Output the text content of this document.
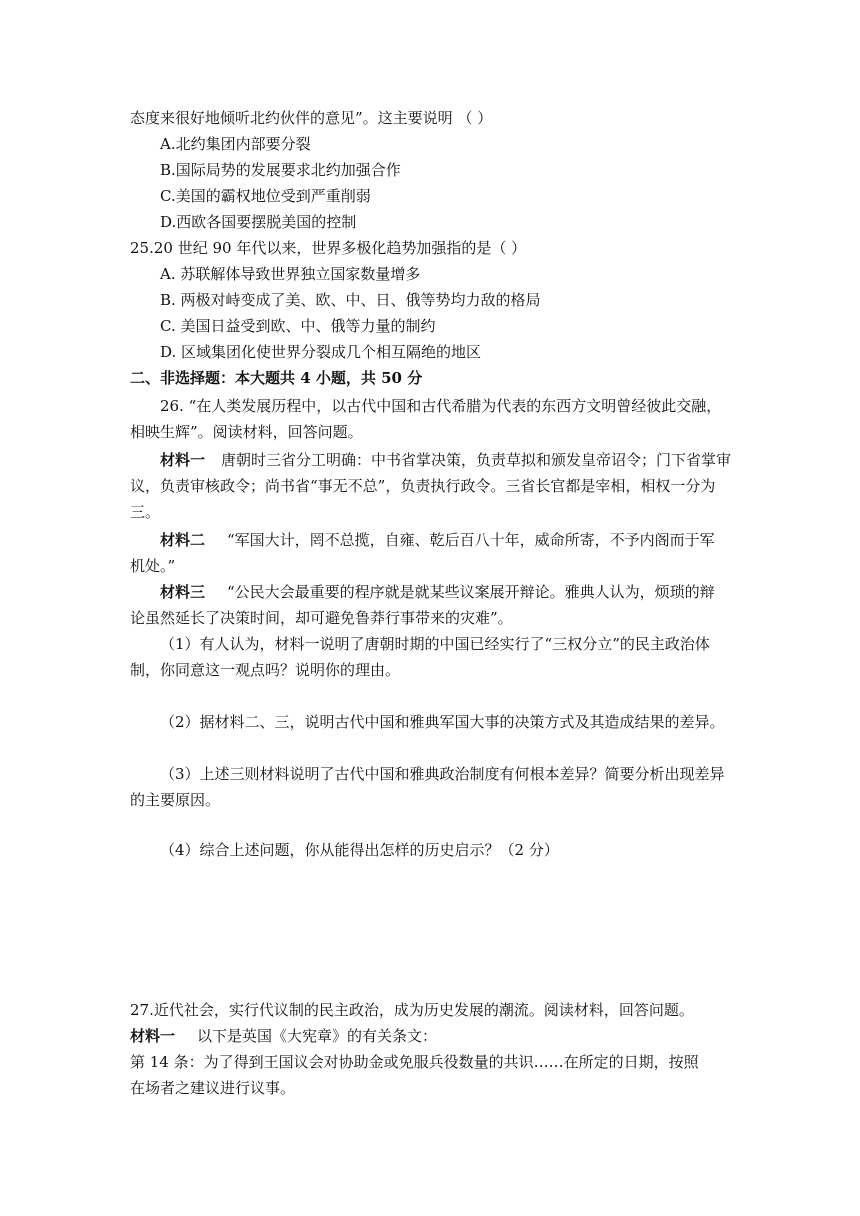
态度来很好地倾听北约伙伴的意见”。这主要说明 （ ）
A.北约集团内部要分裂
B.国际局势的发展要求北约加强合作
C.美国的霸权地位受到严重削弱
D.西欧各国要摆脱美国的控制
25.20 世纪 90 年代以来，世界多极化趋势加强指的是（ ）
A. 苏联解体导致世界独立国家数量增多
B. 两极对峙变成了美、欧、中、日、俄等势均力敌的格局
C. 美国日益受到欧、中、俄等力量的制约
D. 区域集团化使世界分裂成几个相互隔绝的地区
二、非选择题：本大题共 4 小题，共 50 分
26. “在人类发展历程中，以古代中国和古代希腊为代表的东西方文明曾经彼此交融，
相映生辉”。阅读材料，回答问题。
材料一 唐朝时三省分工明确：中书省掌决策，负责草拟和颁发皇帝诏令；门下省掌审
议，负责审核政令；尚书省“事无不总”，负责执行政令。三省长官都是宰相，相权一分为
三。
材料二 “军国大计，罔不总揽，自雍、乾后百八十年，威命所寄，不予内阁而于军
机处。”
材料三 “公民大会最重要的程序就是就某些议案展开辩论。雅典人认为，烦琐的辩
论虽然延长了决策时间，却可避免鲁莽行事带来的灾难”。
（1）有人认为，材料一说明了唐朝时期的中国已经实行了“三权分立”的民主政治体
制，你同意这一观点吗？说明你的理由。
（2）据材料二、三，说明古代中国和雅典军国大事的决策方式及其造成结果的差异。
（3）上述三则材料说明了古代中国和雅典政治制度有何根本差异？简要分析出现差异
的主要原因。
（4）综合上述问题，你从能得出怎样的历史启示？（2 分）
27.近代社会，实行代议制的民主政治，成为历史发展的潮流。阅读材料，回答问题。
材料一 以下是英国《大宪章》的有关条文：
第 14 条：为了得到王国议会对协助金或免服兵役数量的共识……在所定的日期，按照
在场者之建议进行议事。
